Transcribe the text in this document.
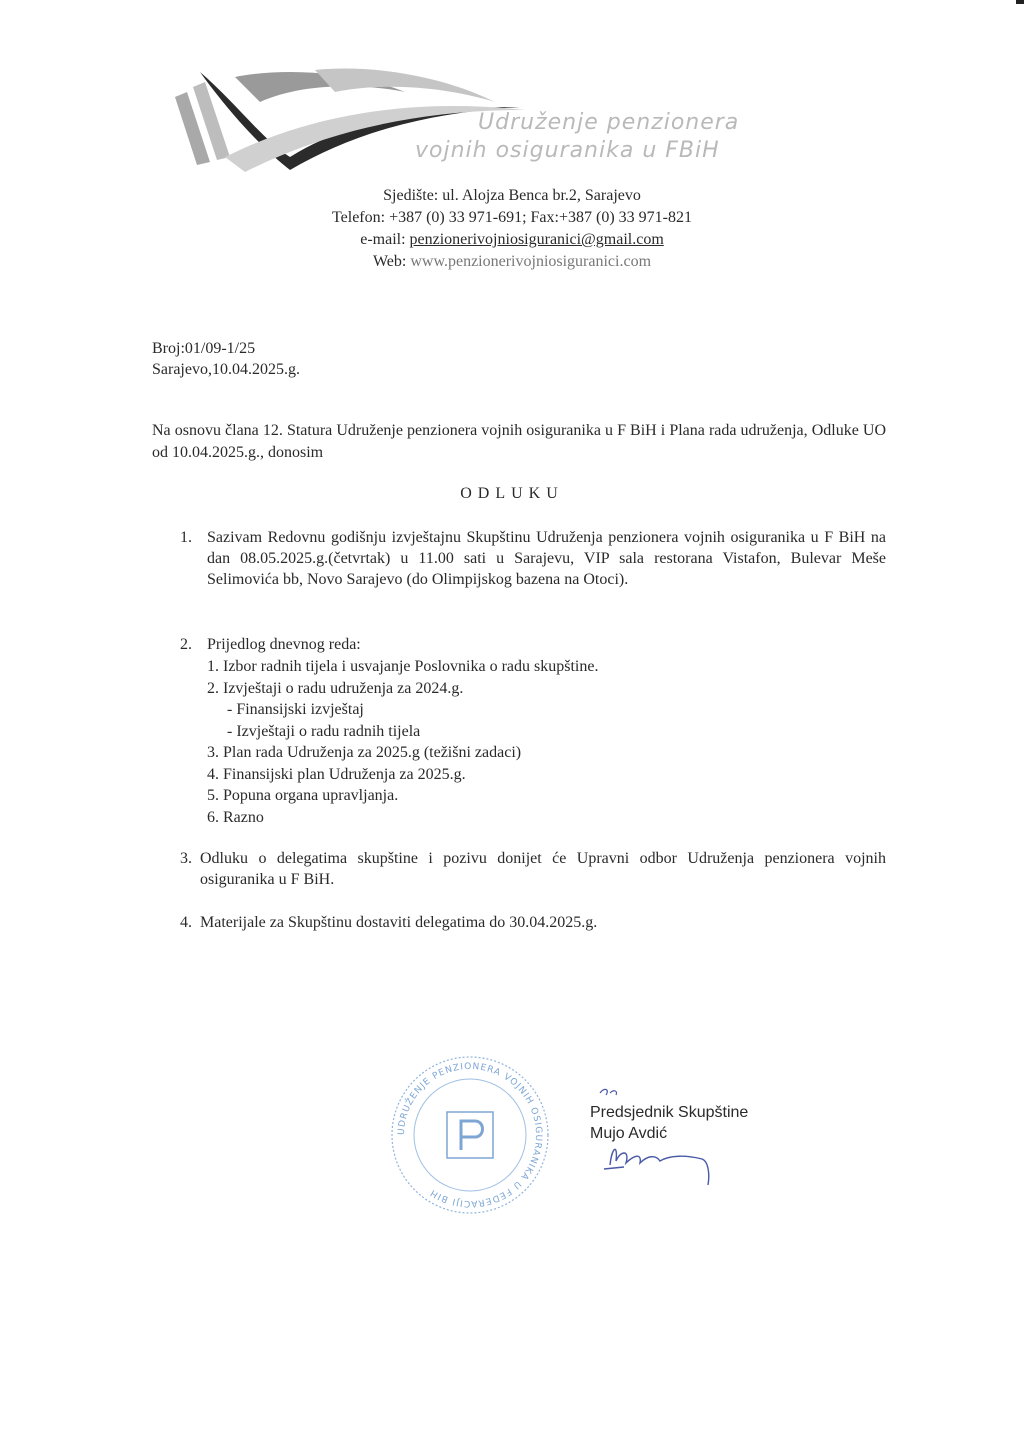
Udruženje penzionera
vojnih osiguranika u FBiH
Sjedište: ul. Alojza Benca br.2, Sarajevo
Telefon: +387 (0) 33 971-691; Fax:+387 (0) 33 971-821
e-mail: penzionerivojniosiguranici@gmail.com
Web: www.penzionerivojniosiguranici.com
Broj:01/09-1/25
Sarajevo,10.04.2025.g.
Na osnovu člana 12. Statura Udruženje penzionera vojnih osiguranika u F BiH i Plana rada udruženja, Odluke UO od 10.04.2025.g., donosim
ODLUKU
1. Sazivam Redovnu godišnju izvještajnu Skupštinu Udruženja penzionera vojnih osiguranika u F BiH na dan 08.05.2025.g.(četvrtak) u 11.00 sati u Sarajevu, VIP sala restorana Vistafon, Bulevar Meše Selimovića bb, Novo Sarajevo (do Olimpijskog bazena na Otoci).
2. Prijedlog dnevnog reda:
1. Izbor radnih tijela i usvajanje Poslovnika o radu skupštine.
2. Izvještaji o radu udruženja za 2024.g.
- Finansijski izvještaj
- Izvještaji o radu radnih tijela
3. Plan rada Udruženja za 2025.g (težišni zadaci)
4. Finansijski plan Udruženja za 2025.g.
5. Popuna organa upravljanja.
6. Razno
3. Odluku o delegatima skupštine i pozivu donijet će Upravni odbor Udruženja penzionera vojnih osiguranika u F BiH.
4. Materijale za Skupštinu dostaviti delegatima do 30.04.2025.g.
UDRUŽENJE PENZIONERA VOJNIH OSIGURANIKA U FEDERACIJI BIH
Predsjednik Skupštine
Mujo Avdić
